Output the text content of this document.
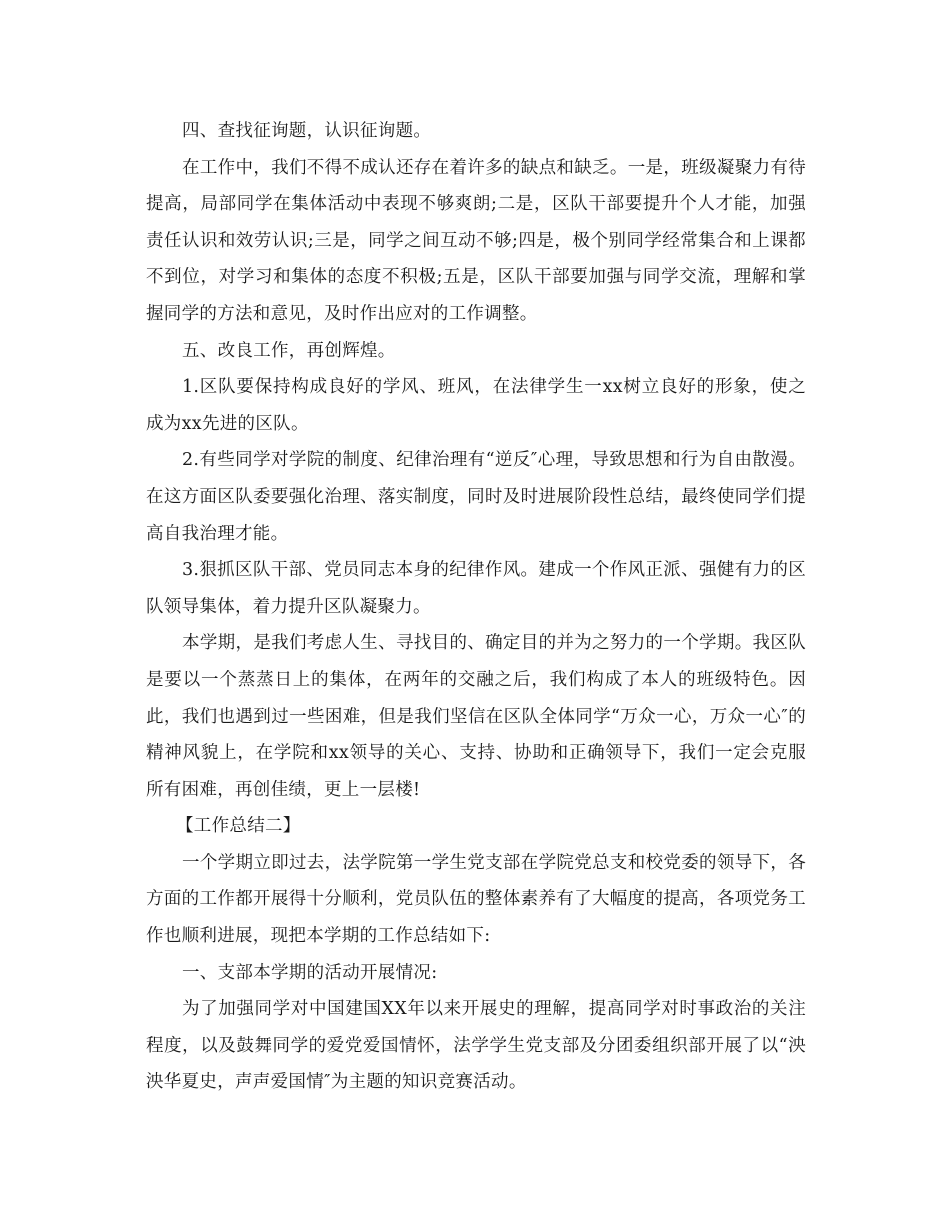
四、查找征询题，认识征询题。

在工作中，我们不得不成认还存在着许多的缺点和缺乏。一是，班级凝聚力有待提高，局部同学在集体活动中表现不够爽朗;二是，区队干部要提升个人才能，加强责任认识和效劳认识;三是，同学之间互动不够;四是，极个别同学经常集合和上课都不到位，对学习和集体的态度不积极;五是，区队干部要加强与同学交流，理解和掌握同学的方法和意见，及时作出应对的工作调整。

五、改良工作，再创辉煌。

1.区队要保持构成良好的学风、班风，在法律学生一xx树立良好的形象，使之成为xx先进的区队。

2.有些同学对学院的制度、纪律治理有“逆反″心理，导致思想和行为自由散漫。在这方面区队委要强化治理、落实制度，同时及时进展阶段性总结，最终使同学们提高自我治理才能。

3.狠抓区队干部、党员同志本身的纪律作风。建成一个作风正派、强健有力的区队领导集体，着力提升区队凝聚力。

本学期，是我们考虑人生、寻找目的、确定目的并为之努力的一个学期。我区队是要以一个蒸蒸日上的集体，在两年的交融之后，我们构成了本人的班级特色。因此，我们也遇到过一些困难，但是我们坚信在区队全体同学“万众一心，万众一心″的精神风貌上，在学院和xx领导的关心、支持、协助和正确领导下，我们一定会克服所有困难，再创佳绩，更上一层楼!

【工作总结二】

一个学期立即过去，法学院第一学生党支部在学院党总支和校党委的领导下，各方面的工作都开展得十分顺利，党员队伍的整体素养有了大幅度的提高，各项党务工作也顺利进展，现把本学期的工作总结如下:

一、支部本学期的活动开展情况:

为了加强同学对中国建国XX年以来开展史的理解，提高同学对时事政治的关注程度，以及鼓舞同学的爱党爱国情怀，法学学生党支部及分团委组织部开展了以“泱泱华夏史，声声爱国情″为主题的知识竞赛活动。
